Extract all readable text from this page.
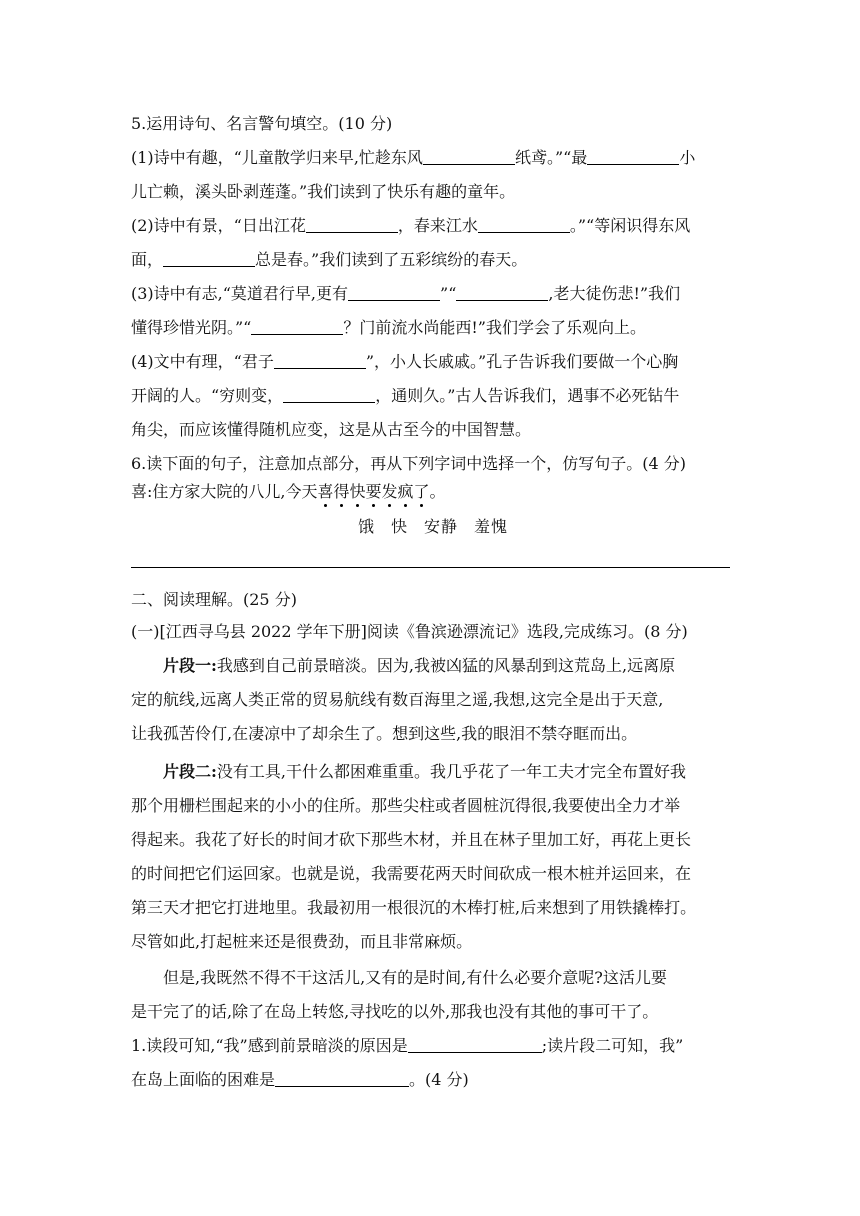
5.运用诗句、名言警句填空。(10 分)
(1)诗中有趣，“儿童散学归来早,忙趁东风	纸鸢。”“最	小
儿亡赖，溪头卧剥莲蓬。”我们读到了快乐有趣的童年。
(2)诗中有景，“日出江花	，春来江水	。”“等闲识得东风
面，	总是春。”我们读到了五彩缤纷的春天。
(3)诗中有志,“莫道君行早,更有	”“	,老大徒伤悲!”我们
懂得珍惜光阴。”“	？门前流水尚能西!”我们学会了乐观向上。
(4)文中有理，“君子	”，小人长戚戚。”孔子告诉我们要做一个心胸
开阔的人。“穷则变，	，通则久。”古人告诉我们，遇事不必死钻牛
角尖，而应该懂得随机应变，这是从古至今的中国智慧。
6.读下面的句子，注意加点部分，再从下列字词中选择一个，仿写句子。(4 分)
喜:住方家大院的八儿,今天喜得快要发疯了
。
饿 快 安静 羞愧
二、阅读理解。(25 分)
(一)[江西寻乌县 2022 学年下册]阅读《鲁滨逊漂流记》选段,完成练习。(8 分)
片段一:我感到自己前景暗淡。因为,我被凶猛的风暴刮到这荒岛上,远离原
定的航线,远离人类正常的贸易航线有数百海里之遥,我想,这完全是出于天意,
让我孤苦伶仃,在凄凉中了却余生了。想到这些,我的眼泪不禁夺眶而出。
片段二:没有工具,干什么都困难重重。我几乎花了一年工夫才完全布置好我
那个用栅栏围起来的小小的住所。那些尖柱或者圆桩沉得很,我要使出全力才举
得起来。我花了好长的时间才砍下那些木材，并且在林子里加工好，再花上更长
的时间把它们运回家。也就是说，我需要花两天时间砍成一根木桩并运回来，在
第三天才把它打进地里。我最初用一根很沉的木棒打桩,后来想到了用铁撬棒打。
尽管如此,打起桩来还是很费劲，而且非常麻烦。
但是,我既然不得不干这活儿,又有的是时间,有什么必要介意呢?这活儿要
是干完了的话,除了在岛上转悠,寻找吃的以外,那我也没有其他的事可干了。
1.读段可知,“我”感到前景暗淡的原因是	;读片段二可知，我”
在岛上面临的困难是	。(4 分)
